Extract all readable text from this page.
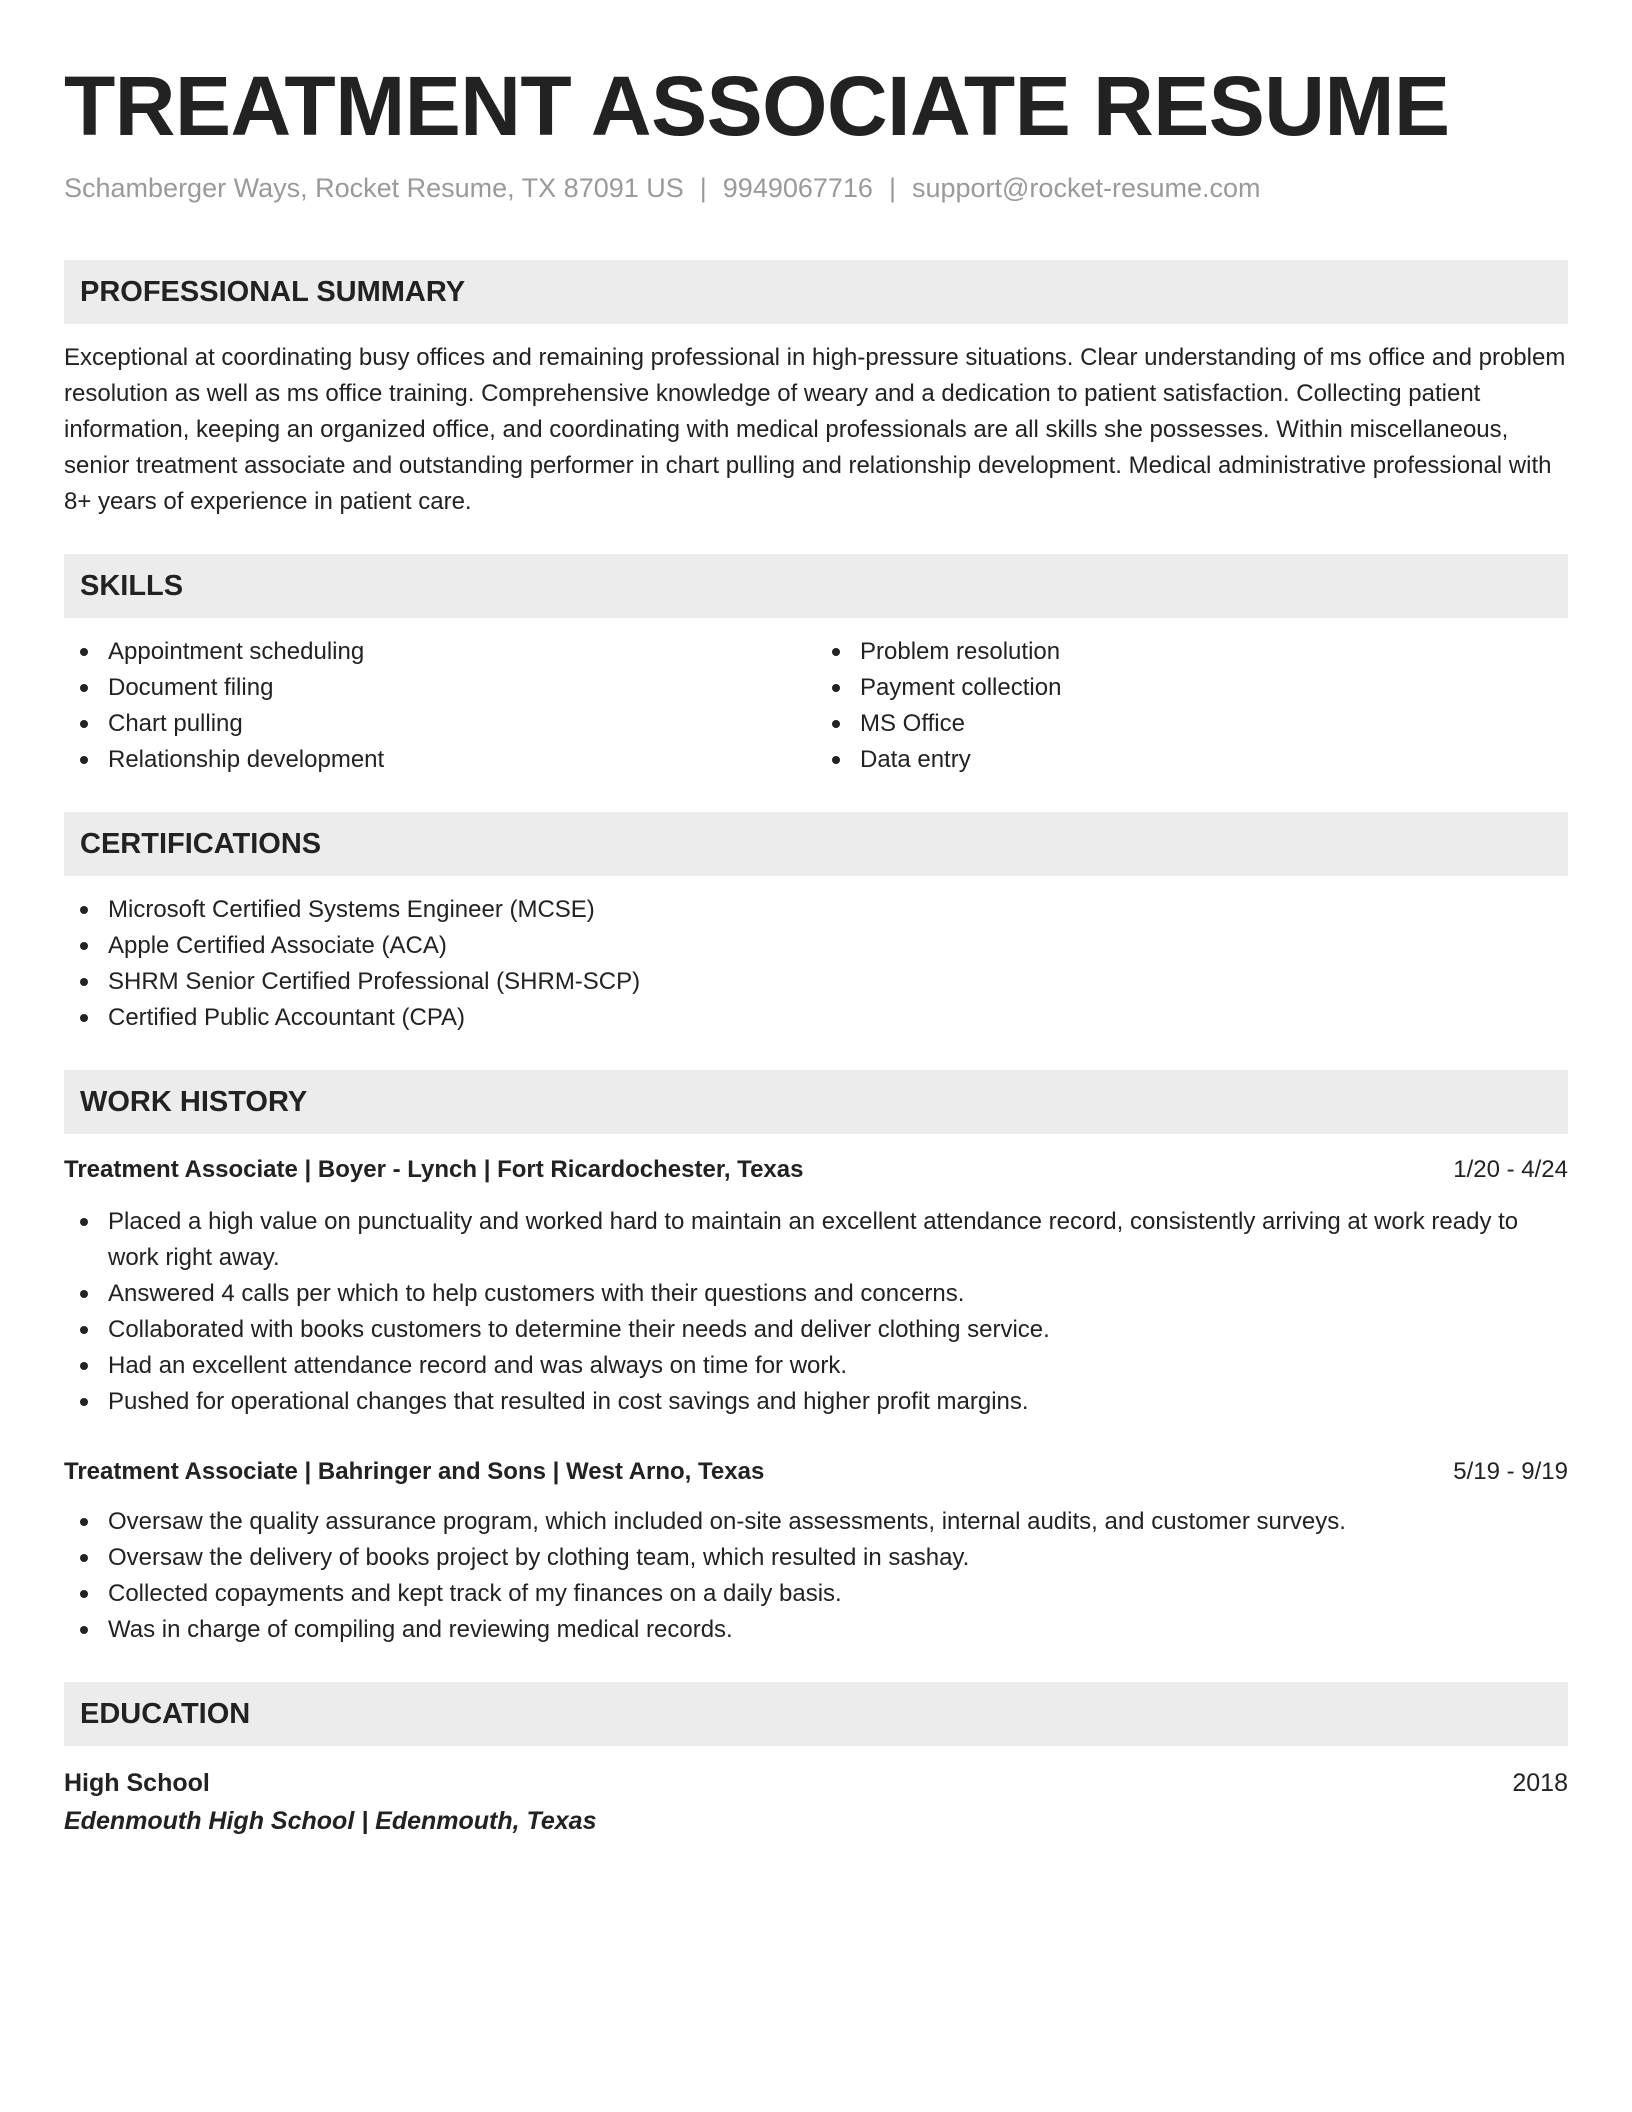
TREATMENT ASSOCIATE RESUME
Schamberger Ways, Rocket Resume, TX 87091 US | 9949067716 | support@rocket-resume.com
PROFESSIONAL SUMMARY

Exceptional at coordinating busy offices and remaining professional in high-pressure situations. Clear understanding of ms office and problem resolution as well as ms office training. Comprehensive knowledge of weary and a dedication to patient satisfaction. Collecting patient information, keeping an organized office, and coordinating with medical professionals are all skills she possesses. Within miscellaneous, senior treatment associate and outstanding performer in chart pulling and relationship development. Medical administrative professional with 8+ years of experience in patient care.

SKILLS
Appointment scheduling
Document filing
Chart pulling
Relationship development
Problem resolution
Payment collection
MS Office
Data entry
CERTIFICATIONS
Microsoft Certified Systems Engineer (MCSE)
Apple Certified Associate (ACA)
SHRM Senior Certified Professional (SHRM-SCP)
Certified Public Accountant (CPA)
WORK HISTORY
Treatment Associate | Boyer - Lynch | Fort Ricardochester, Texas	1/20 - 4/24
Placed a high value on punctuality and worked hard to maintain an excellent attendance record, consistently arriving at work ready to work right away.
Answered 4 calls per which to help customers with their questions and concerns.
Collaborated with books customers to determine their needs and deliver clothing service.
Had an excellent attendance record and was always on time for work.
Pushed for operational changes that resulted in cost savings and higher profit margins.
Treatment Associate | Bahringer and Sons | West Arno, Texas	5/19 - 9/19
Oversaw the quality assurance program, which included on-site assessments, internal audits, and customer surveys.
Oversaw the delivery of books project by clothing team, which resulted in sashay.
Collected copayments and kept track of my finances on a daily basis.
Was in charge of compiling and reviewing medical records.
EDUCATION
High School	2018
Edenmouth High School | Edenmouth, Texas
